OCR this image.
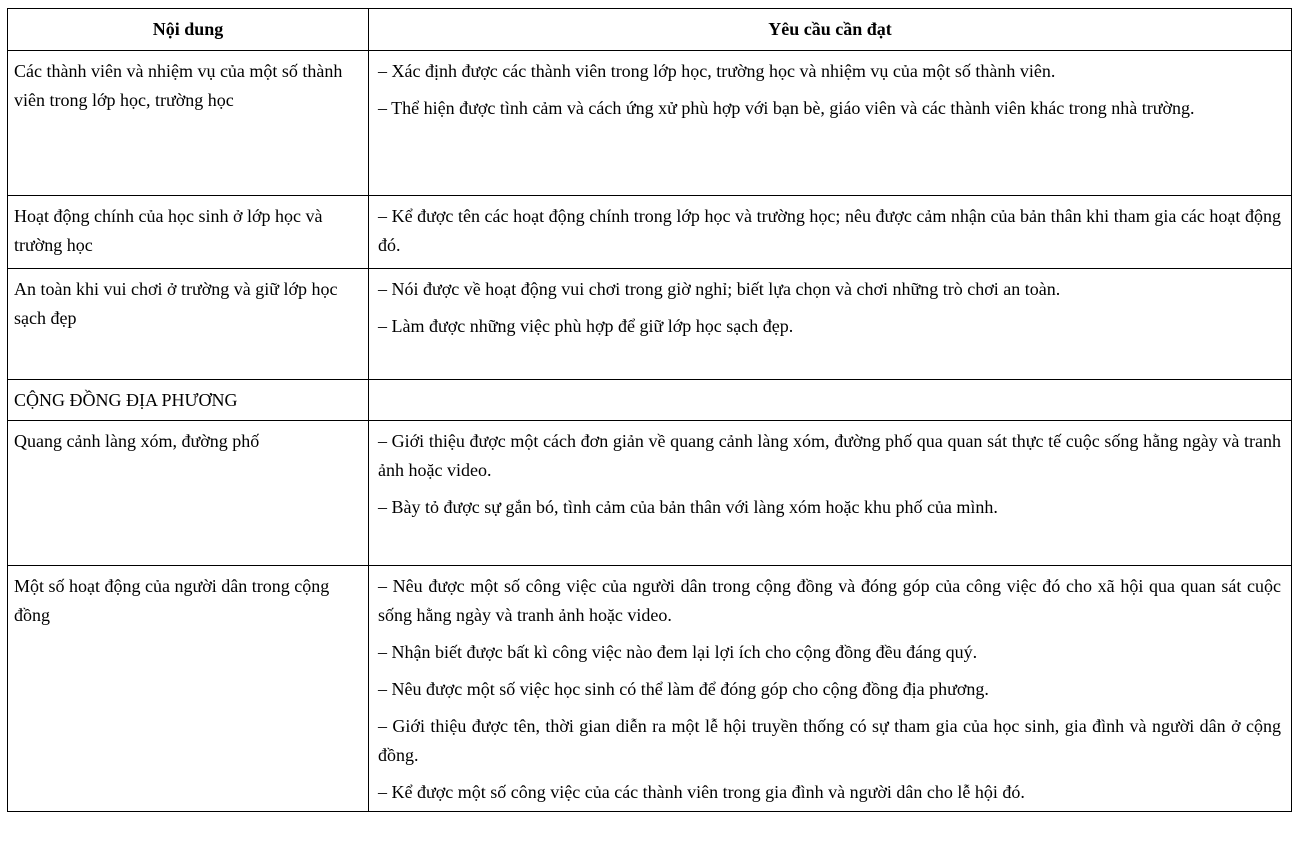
Nội dung	Yêu cầu cần đạt
Các thành viên và nhiệm vụ của một số thành viên trong lớp học, trường học	– Xác định được các thành viên trong lớp học, trường học và nhiệm vụ của một số thành viên.
– Thể hiện được tình cảm và cách ứng xử phù hợp với bạn bè, giáo viên và các thành viên khác trong nhà trường.

Hoạt động chính của học sinh ở lớp học và trường học	– Kể được tên các hoạt động chính trong lớp học và trường học; nêu được cảm nhận của bản thân khi tham gia các hoạt động đó.

An toàn khi vui chơi ở trường và giữ lớp học sạch đẹp	– Nói được về hoạt động vui chơi trong giờ nghỉ; biết lựa chọn và chơi những trò chơi an toàn.
– Làm được những việc phù hợp để giữ lớp học sạch đẹp.

CỘNG ĐỒNG ĐỊA PHƯƠNG	
Quang cảnh làng xóm, đường phố	– Giới thiệu được một cách đơn giản về quang cảnh làng xóm, đường phố qua quan sát thực tế cuộc sống hằng ngày và tranh ảnh hoặc video.
– Bày tỏ được sự gắn bó, tình cảm của bản thân với làng xóm hoặc khu phố của mình.

Một số hoạt động của người dân trong cộng đồng	– Nêu được một số công việc của người dân trong cộng đồng và đóng góp của công việc đó cho xã hội qua quan sát cuộc sống hằng ngày và tranh ảnh hoặc video.
– Nhận biết được bất kì công việc nào đem lại lợi ích cho cộng đồng đều đáng quý.
– Nêu được một số việc học sinh có thể làm để đóng góp cho cộng đồng địa phương.
– Giới thiệu được tên, thời gian diễn ra một lễ hội truyền thống có sự tham gia của học sinh, gia đình và người dân ở cộng đồng.
– Kể được một số công việc của các thành viên trong gia đình và người dân cho lễ hội đó.
